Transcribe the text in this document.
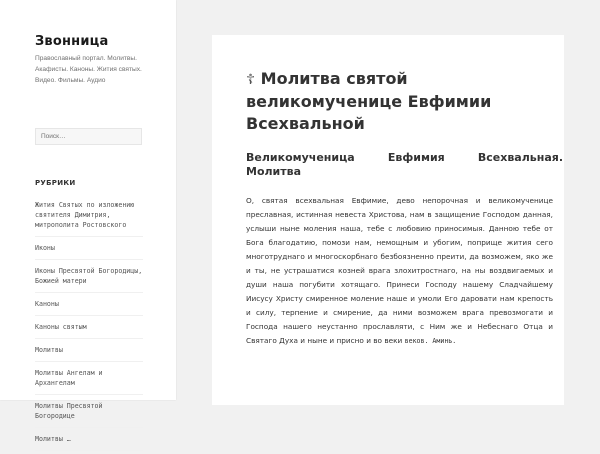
Звонница
Православный портал. Молитвы. Акафисты. Каноны. Жития святых. Видео. Фильмы. Аудио
Поиск…
РУБРИКИ
Жития Святых по изложению святителя Димитрия, митрополита Ростовского
Иконы
Иконы Пресвятой Богородицы, Божией матери
Каноны
Каноны святым
Молитвы
Молитвы Ангелам и Архангелам
Молитвы Пресвятой Богородице
Молитвы …
☦ Молитва святой великомученице Евфимии Всехвальной
Великомученица	Евфимия	Всехвальная.
Молитва
О, святая всехвальная Евфимие, дево непорочная и великомученице преславная, истинная невеста Христова, нам в защищение Господом данная, услыши ныне моления наша, тебе с любовию приносимыя. Данною тебе от Бога благодатию, помози нам, немощным и убогим, поприще жития сего многотруднаго и многоскорбнаго безбоязненно преити, да возможем, яко же и ты, не устрашатися козней врага злохитростнаго, на ны воздвигаемых и души наша погубити хотящаго. Принеси Господу нашему Сладчайшему Иисусу Христу смиренное моление наше и умоли Его даровати нам крепость и силу, терпение и смирение, да ними возможем врага превозмогати и Господа нашего неустанно прославляти, с Ним же и Небеснаго Отца и Святаго Духа и ныне и присно и во веки веков. Аминь.
